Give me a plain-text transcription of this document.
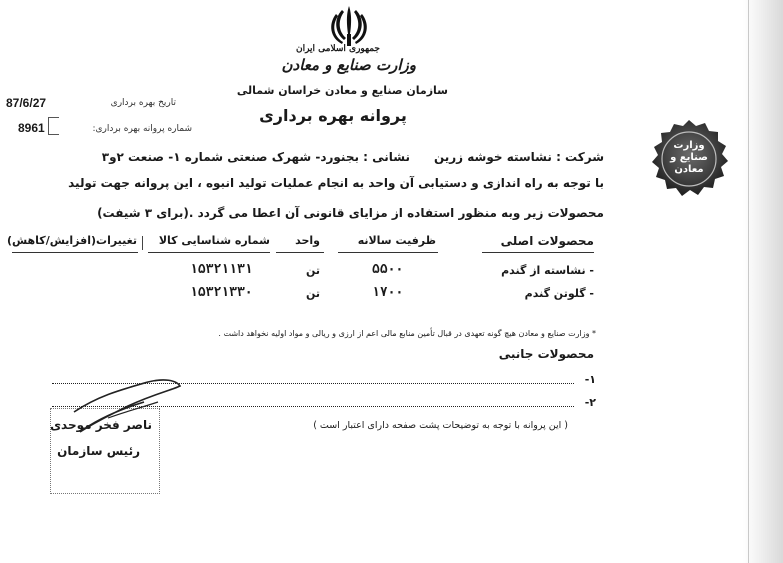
جمهوری اسلامی ایران
وزارت صنایع و معادن
سازمان صنایع و معادن خراسان شمالی
پروانه بهره برداری
87/6/27	تاریخ بهره برداری
8961	شماره پروانه بهره برداری:
شرکت : نشاسته خوشه زرین
نشانی : بجنورد- شهرک صنعتی شماره ۱- صنعت ۲و۳
با توجه به راه اندازی و دستیابی آن واحد به انجام عملیات تولید انبوه ، این پروانه جهت تولید
محصولات زیر وبه منظور استفاده از مزایای قانونی آن اعطا می گردد .(برای ۳ شیفت)
محصولات اصلی
ظرفیت سالانه
واحد
شماره شناسایی کالا
تغییرات(افزایش/کاهش)
- نشاسته از گندم
۵۵۰۰
تن
۱۵۳۲۱۱۳۱
- گلوتن گندم
۱۷۰۰
تن
۱۵۳۲۱۳۳۰
* وزارت صنایع و معادن هیچ گونه تعهدی در قبال تأمین منابع مالی اعم از ارزی و ریالی و مواد اولیه نخواهد داشت .
محصولات جانبی
۱-
۲-
( این پروانه با توجه به توضیحات پشت صفحه دارای اعتبار است )
ناصر فخر موحدی
رئیس سازمان
وزارت
صنایع و
معادن
